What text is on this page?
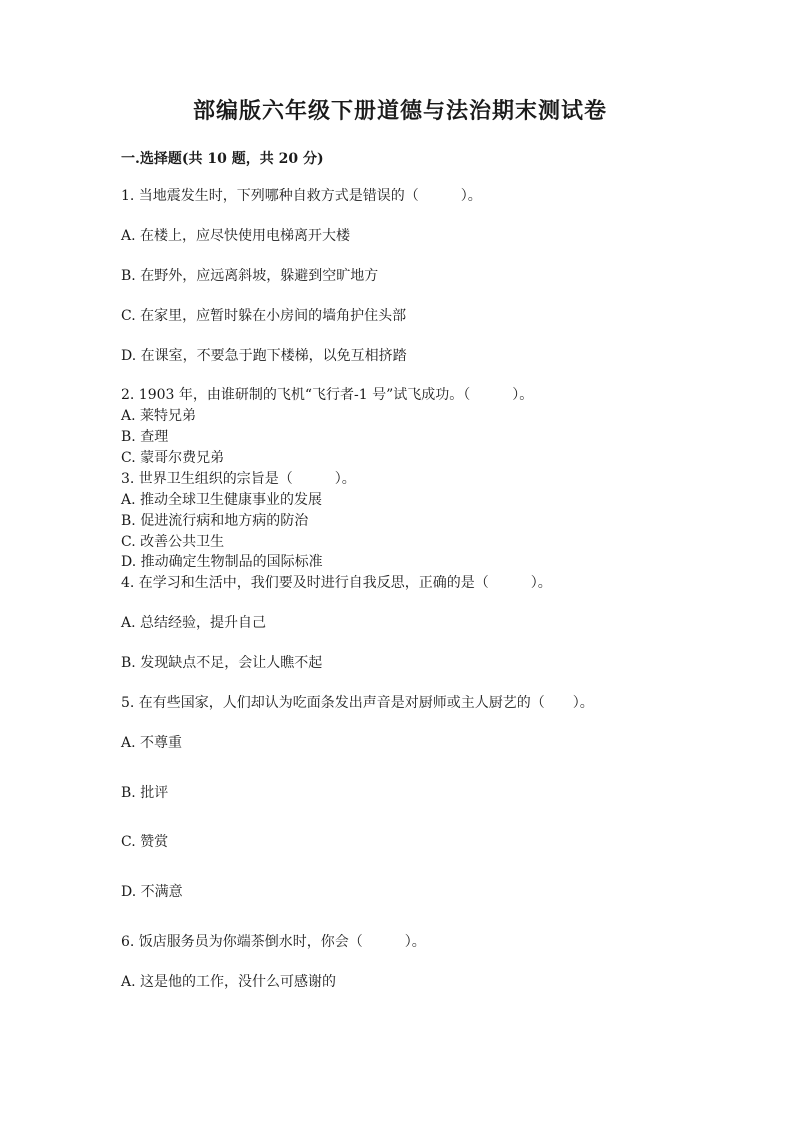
部编版六年级下册道德与法治期末测试卷

一.选择题(共 10 题，共 20 分)

1. 当地震发生时，下列哪种自救方式是错误的（　　　）。

A. 在楼上，应尽快使用电梯离开大楼

B. 在野外，应远离斜坡，躲避到空旷地方

C. 在家里，应暂时躲在小房间的墙角护住头部

D. 在课室，不要急于跑下楼梯，以免互相挤踏

2. 1903 年，由谁研制的飞机“飞行者-1 号”试飞成功。（　　　）。

A. 莱特兄弟

B. 查理

C. 蒙哥尔费兄弟

3. 世界卫生组织的宗旨是（　　　）。

A. 推动全球卫生健康事业的发展

B. 促进流行病和地方病的防治

C. 改善公共卫生

D. 推动确定生物制品的国际标准

4. 在学习和生活中，我们要及时进行自我反思，正确的是（　　　）。

A. 总结经验，提升自己

B. 发现缺点不足，会让人瞧不起

5. 在有些国家，人们却认为吃面条发出声音是对厨师或主人厨艺的（　　）。

A. 不尊重

B. 批评

C. 赞赏

D. 不满意

6. 饭店服务员为你端茶倒水时，你会（　　　）。

A. 这是他的工作，没什么可感谢的
